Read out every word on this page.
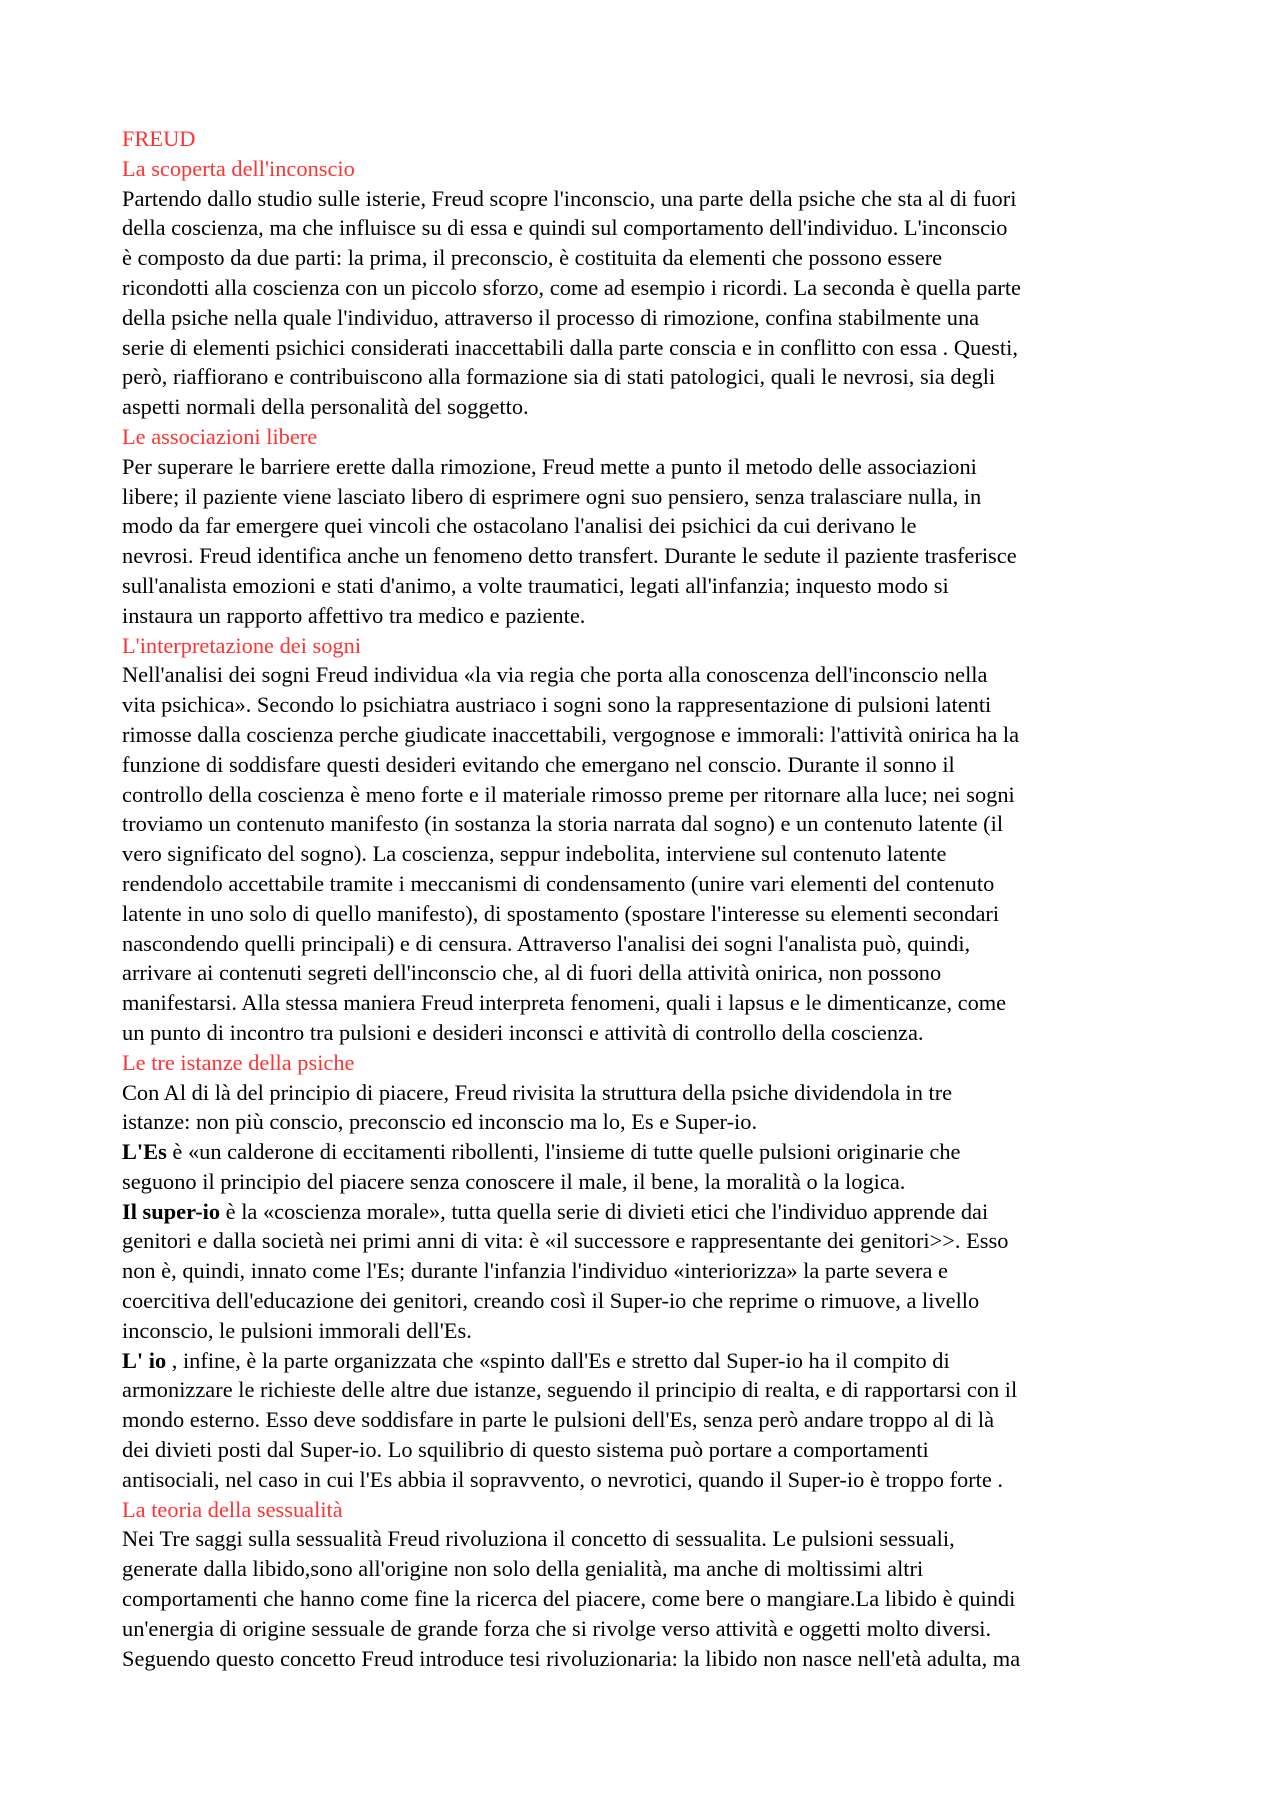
FREUD

La scoperta dell'inconscio

Partendo dallo studio sulle isterie, Freud scopre l'inconscio, una parte della psiche che sta al di fuori
della coscienza, ma che influisce su di essa e quindi sul comportamento dell'individuo. L'inconscio
è composto da due parti: la prima, il preconscio, è costituita da elementi che possono essere
ricondotti alla coscienza con un piccolo sforzo, come ad esempio i ricordi. La seconda è quella parte
della psiche nella quale l'individuo, attraverso il processo di rimozione, confina stabilmente una
serie di elementi psichici considerati inaccettabili dalla parte conscia e in conflitto con essa . Questi,
però, riaffiorano e contribuiscono alla formazione sia di stati patologici, quali le nevrosi, sia degli
aspetti normali della personalità del soggetto.

Le associazioni libere

Per superare le barriere erette dalla rimozione, Freud mette a punto il metodo delle associazioni
libere; il paziente viene lasciato libero di esprimere ogni suo pensiero, senza tralasciare nulla, in
modo da far emergere quei vincoli che ostacolano l'analisi dei psichici da cui derivano le
nevrosi. Freud identifica anche un fenomeno detto transfert. Durante le sedute il paziente trasferisce
sull'analista emozioni e stati d'animo, a volte traumatici, legati all'infanzia; inquesto modo si
instaura un rapporto affettivo tra medico e paziente.

L'interpretazione dei sogni

Nell'analisi dei sogni Freud individua «la via regia che porta alla conoscenza dell'inconscio nella
vita psichica». Secondo lo psichiatra austriaco i sogni sono la rappresentazione di pulsioni latenti
rimosse dalla coscienza perche giudicate inaccettabili, vergognose e immorali: l'attività onirica ha la
funzione di soddisfare questi desideri evitando che emergano nel conscio. Durante il sonno il
controllo della coscienza è meno forte e il materiale rimosso preme per ritornare alla luce; nei sogni
troviamo un contenuto manifesto (in sostanza la storia narrata dal sogno) e un contenuto latente (il
vero significato del sogno). La coscienza, seppur indebolita, interviene sul contenuto latente
rendendolo accettabile tramite i meccanismi di condensamento (unire vari elementi del contenuto
latente in uno solo di quello manifesto), di spostamento (spostare l'interesse su elementi secondari
nascondendo quelli principali) e di censura. Attraverso l'analisi dei sogni l'analista può, quindi,
arrivare ai contenuti segreti dell'inconscio che, al di fuori della attività onirica, non possono
manifestarsi. Alla stessa maniera Freud interpreta fenomeni, quali i lapsus e le dimenticanze, come
un punto di incontro tra pulsioni e desideri inconsci e attività di controllo della coscienza.

Le tre istanze della psiche

Con Al di là del principio di piacere, Freud rivisita la struttura della psiche dividendola in tre
istanze: non più conscio, preconscio ed inconscio ma lo, Es e Super-io.

L'Es è «un calderone di eccitamenti ribollenti, l'insieme di tutte quelle pulsioni originarie che
seguono il principio del piacere senza conoscere il male, il bene, la moralità o la logica.

Il super-io è la «coscienza morale», tutta quella serie di divieti etici che l'individuo apprende dai
genitori e dalla società nei primi anni di vita: è «il successore e rappresentante dei genitori>>. Esso
non è, quindi, innato come l'Es; durante l'infanzia l'individuo «interiorizza» la parte severa e
coercitiva dell'educazione dei genitori, creando così il Super-io che reprime o rimuove, a livello
inconscio, le pulsioni immorali dell'Es.

L' io , infine, è la parte organizzata che «spinto dall'Es e stretto dal Super-io ha il compito di
armonizzare le richieste delle altre due istanze, seguendo il principio di realta, e di rapportarsi con il
mondo esterno. Esso deve soddisfare in parte le pulsioni dell'Es, senza però andare troppo al di là
dei divieti posti dal Super-io. Lo squilibrio di questo sistema può portare a comportamenti
antisociali, nel caso in cui l'Es abbia il sopravvento, o nevrotici, quando il Super-io è troppo forte .

La teoria della sessualità

Nei Tre saggi sulla sessualità Freud rivoluziona il concetto di sessualita. Le pulsioni sessuali,
generate dalla libido,sono all'origine non solo della genialità, ma anche di moltissimi altri
comportamenti che hanno come fine la ricerca del piacere, come bere o mangiare.La libido è quindi
un'energia di origine sessuale de grande forza che si rivolge verso attività e oggetti molto diversi.
Seguendo questo concetto Freud introduce tesi rivoluzionaria: la libido non nasce nell'età adulta, ma
